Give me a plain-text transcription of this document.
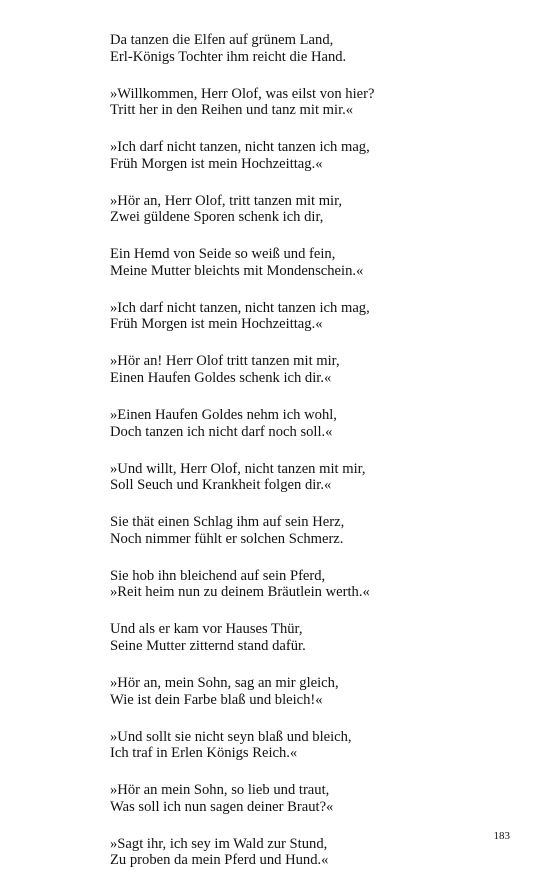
Da tanzen die Elfen auf grünem Land,
Erl-Königs Tochter ihm reicht die Hand.
»Willkommen, Herr Olof, was eilst von hier?
Tritt her in den Reihen und tanz mit mir.«
»Ich darf nicht tanzen, nicht tanzen ich mag,
Früh Morgen ist mein Hochzeittag.«
»Hör an, Herr Olof, tritt tanzen mit mir,
Zwei güldene Sporen schenk ich dir,
Ein Hemd von Seide so weiß und fein,
Meine Mutter bleichts mit Mondenschein.«
»Ich darf nicht tanzen, nicht tanzen ich mag,
Früh Morgen ist mein Hochzeittag.«
»Hör an! Herr Olof tritt tanzen mit mir,
Einen Haufen Goldes schenk ich dir.«
»Einen Haufen Goldes nehm ich wohl,
Doch tanzen ich nicht darf noch soll.«
»Und willt, Herr Olof, nicht tanzen mit mir,
Soll Seuch und Krankheit folgen dir.«
Sie thät einen Schlag ihm auf sein Herz,
Noch nimmer fühlt er solchen Schmerz.
Sie hob ihn bleichend auf sein Pferd,
»Reit heim nun zu deinem Bräutlein werth.«
Und als er kam vor Hauses Thür,
Seine Mutter zitternd stand dafür.
»Hör an, mein Sohn, sag an mir gleich,
Wie ist dein Farbe blaß und bleich!«
»Und sollt sie nicht seyn blaß und bleich,
Ich traf in Erlen Königs Reich.«
»Hör an mein Sohn, so lieb und traut,
Was soll ich nun sagen deiner Braut?«
»Sagt ihr, ich sey im Wald zur Stund,
Zu proben da mein Pferd und Hund.«
183
